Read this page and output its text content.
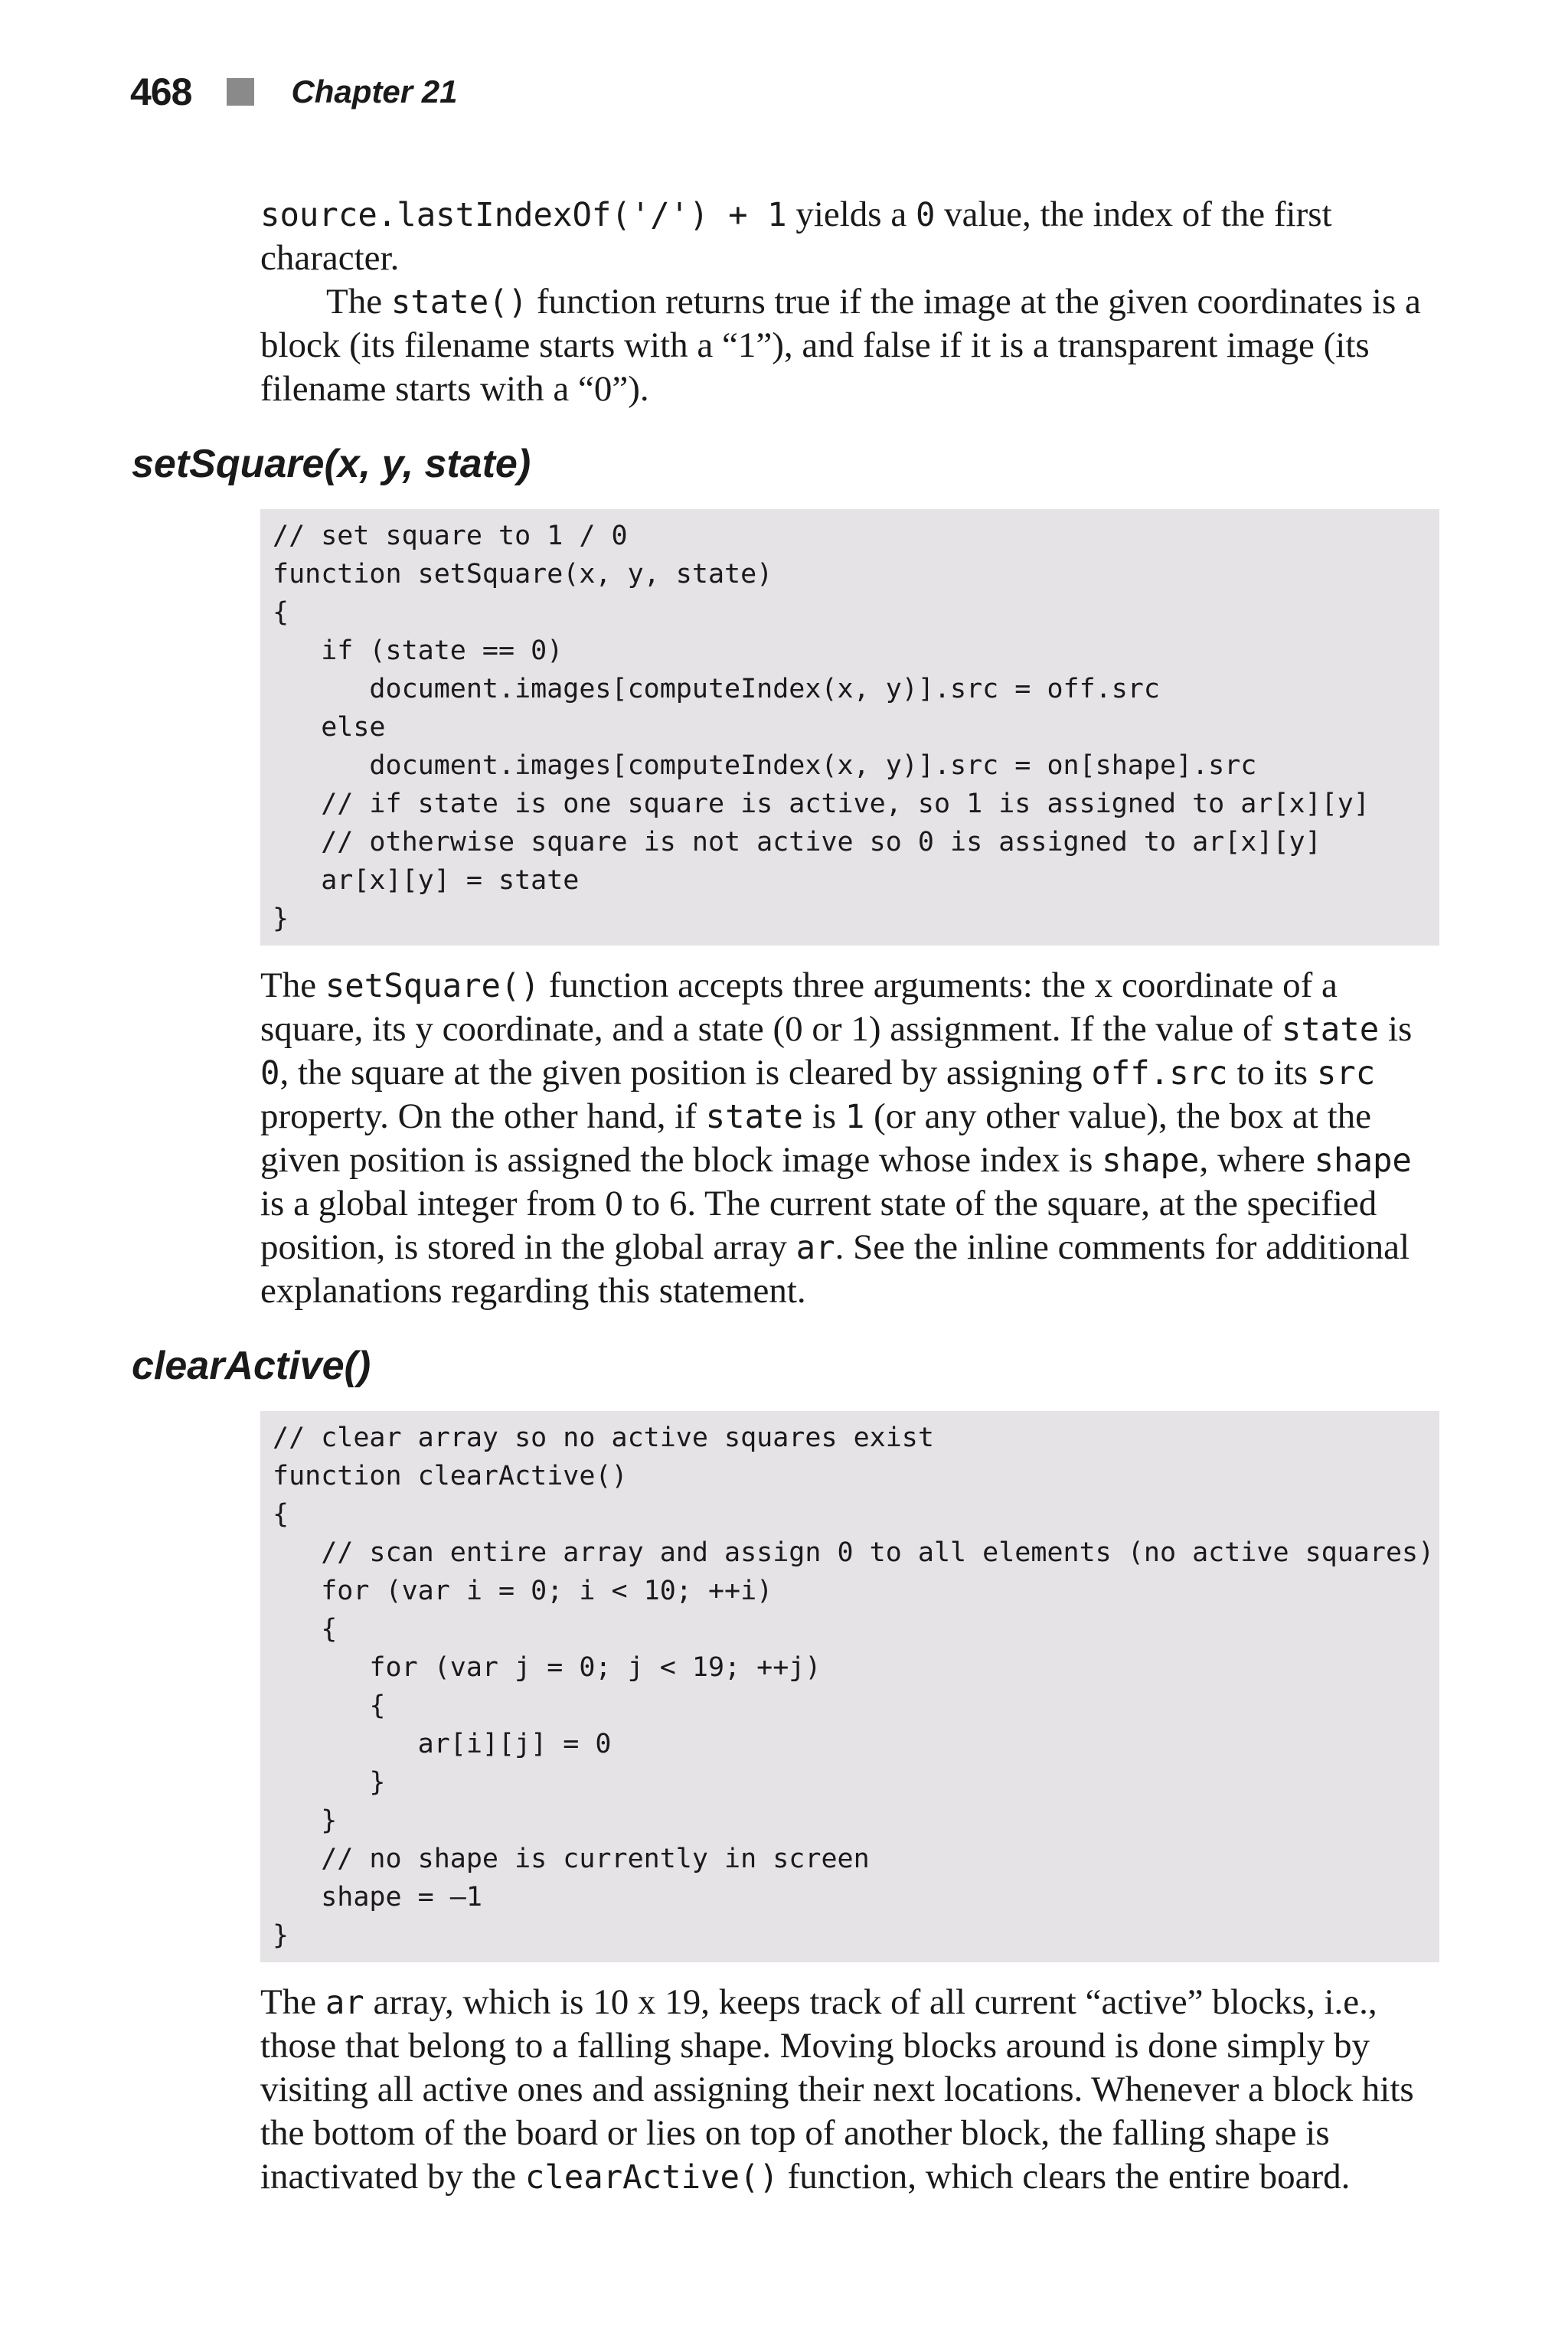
468	Chapter 21

source.lastIndexOf('/') + 1 yields a 0 value, the index of the first character.

The state() function returns true if the image at the given coordinates is a block (its filename starts with a “1”), and false if it is a transparent image (its filename starts with a “0”).

setSquare(x, y, state)
// set square to 1 / 0
function setSquare(x, y, state)
{
if (state == 0)
document.images[computeIndex(x, y)].src = off.src
else
document.images[computeIndex(x, y)].src = on[shape].src
// if state is one square is active, so 1 is assigned to ar[x][y]
// otherwise square is not active so 0 is assigned to ar[x][y]
ar[x][y] = state
}

The setSquare() function accepts three arguments: the x coordinate of a square, its y coordinate, and a state (0 or 1) assignment. If the value of state is 0, the square at the given position is cleared by assigning off.src to its src property. On the other hand, if state is 1 (or any other value), the box at the given position is assigned the block image whose index is shape, where shape is a global integer from 0 to 6. The current state of the square, at the specified position, is stored in the global array ar. See the inline comments for additional explanations regarding this statement.

clearActive()
// clear array so no active squares exist
function clearActive()
{
// scan entire array and assign 0 to all elements (no active squares)
for (var i = 0; i < 10; ++i)
{
for (var j = 0; j < 19; ++j)
{
ar[i][j] = 0
}
}
// no shape is currently in screen
shape = –1
}

The ar array, which is 10 x 19, keeps track of all current “active” blocks, i.e., those that belong to a falling shape. Moving blocks around is done simply by visiting all active ones and assigning their next locations. Whenever a block hits the bottom of the board or lies on top of another block, the falling shape is inactivated by the clearActive() function, which clears the entire board.
